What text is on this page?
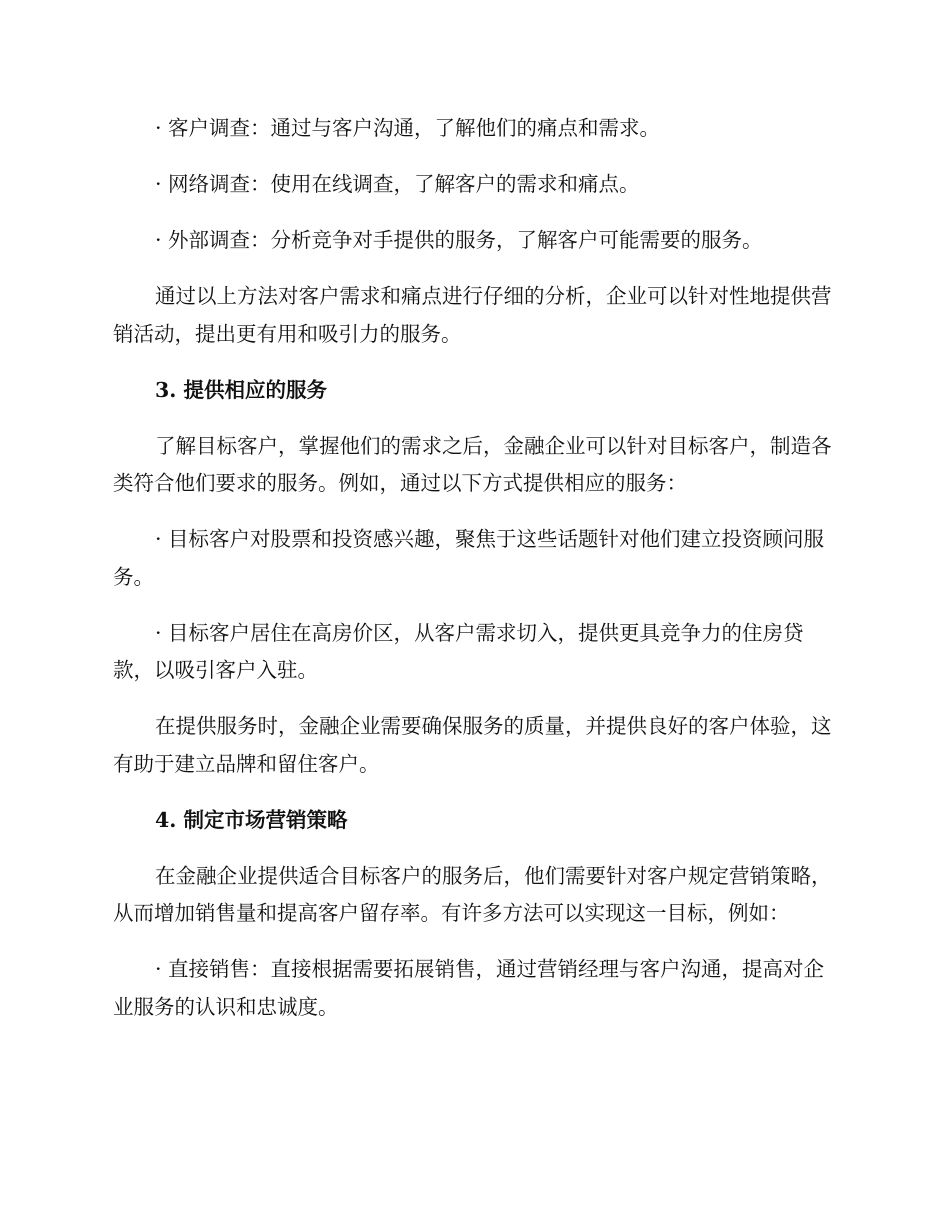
· 客户调查：通过与客户沟通，了解他们的痛点和需求。

· 网络调查：使用在线调查，了解客户的需求和痛点。

· 外部调查：分析竞争对手提供的服务，了解客户可能需要的服务。

通过以上方法对客户需求和痛点进行仔细的分析，企业可以针对性地提供营销活动，提出更有用和吸引力的服务。

3. 提供相应的服务

了解目标客户，掌握他们的需求之后，金融企业可以针对目标客户，制造各类符合他们要求的服务。例如，通过以下方式提供相应的服务：

· 目标客户对股票和投资感兴趣，聚焦于这些话题针对他们建立投资顾问服务。

· 目标客户居住在高房价区，从客户需求切入，提供更具竞争力的住房贷款，以吸引客户入驻。

在提供服务时，金融企业需要确保服务的质量，并提供良好的客户体验，这有助于建立品牌和留住客户。

4. 制定市场营销策略

在金融企业提供适合目标客户的服务后，他们需要针对客户规定营销策略，从而增加销售量和提高客户留存率。有许多方法可以实现这一目标，例如：

· 直接销售：直接根据需要拓展销售，通过营销经理与客户沟通，提高对企业服务的认识和忠诚度。
